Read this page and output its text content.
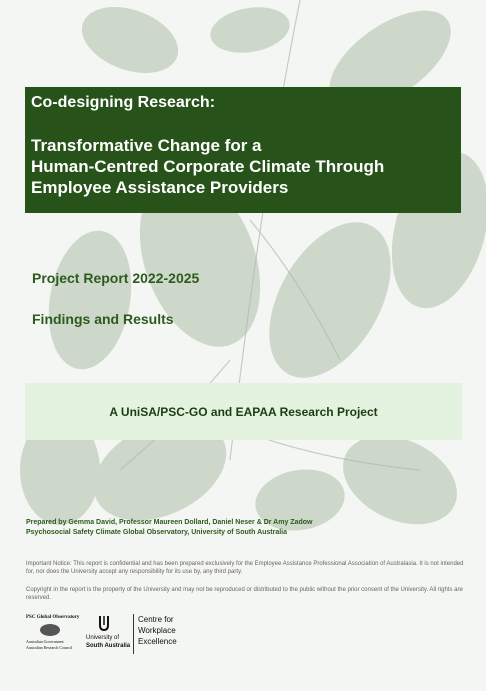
Co-designing Research:
Transformative Change for a
Human-Centred Corporate Climate Through
Employee Assistance Providers
Project Report 2022-2025
Findings and Results
A UniSA/PSC-GO and EAPAA Research Project
Prepared by Gemma David, Professor Maureen Dollard, Daniel Neser & Dr Amy Zadow
Psychosocial Safety Climate Global Observatory, University of South Australia
Important Notice: This report is confidential and has been prepared exclusively for the Employee Assistance Professional Association of Australasia. It is not intended for, nor does the University accept any responsibility for its use by, any third party.
Copyright in the report is the property of the University and may not be reproduced or distributed to the public without the prior consent of the University. All rights are reserved.
PSC Global Observatory
Australian Government
Australian Research Council
University of
South Australia
Centre for
Workplace
Excellence
